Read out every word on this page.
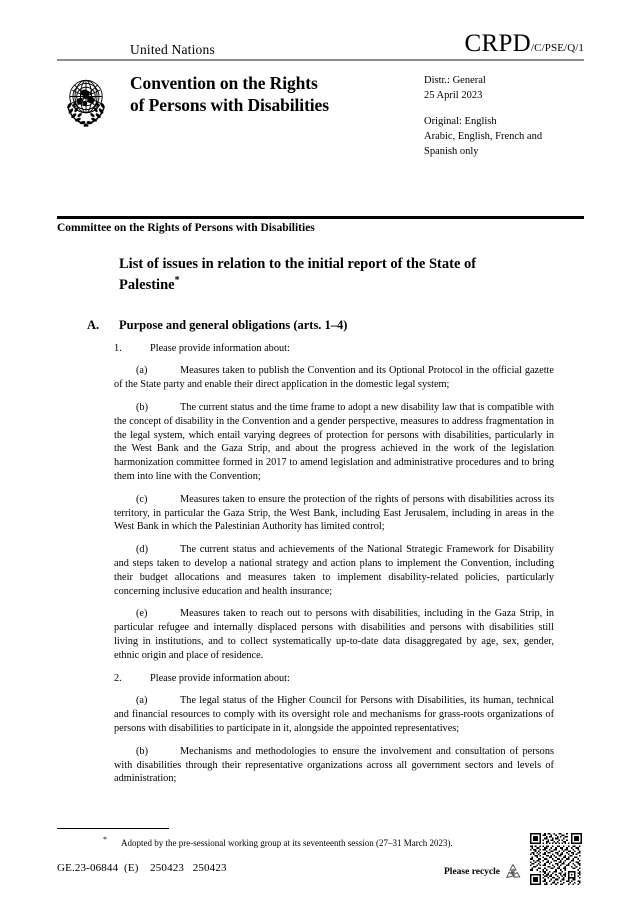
United Nations	CRPD /C/PSE/Q/1
Convention on the Rights
of Persons with Disabilities
Distr.: General
25 April 2023
Original: English
Arabic, English, French and
Spanish only
Committee on the Rights of Persons with Disabilities
List of issues in relation to the initial report of the State of Palestine*
A.	Purpose and general obligations (arts. 1–4)
1.	Please provide information about:
(a)	Measures taken to publish the Convention and its Optional Protocol in the official gazette of the State party and enable their direct application in the domestic legal system;
(b)	The current status and the time frame to adopt a new disability law that is compatible with the concept of disability in the Convention and a gender perspective, measures to address fragmentation in the legal system, which entail varying degrees of protection for persons with disabilities, particularly in the West Bank and the Gaza Strip, and about the progress achieved in the work of the legislation harmonization committee formed in 2017 to amend legislation and administrative procedures and to bring them into line with the Convention;
(c)	Measures taken to ensure the protection of the rights of persons with disabilities across its territory, in particular the Gaza Strip, the West Bank, including East Jerusalem, including in areas in the West Bank in which the Palestinian Authority has limited control;
(d)	The current status and achievements of the National Strategic Framework for Disability and steps taken to develop a national strategy and action plans to implement the Convention, including their budget allocations and measures taken to implement disability-related policies, particularly concerning inclusive education and health insurance;
(e)	Measures taken to reach out to persons with disabilities, including in the Gaza Strip, in particular refugee and internally displaced persons with disabilities and persons with disabilities still living in institutions, and to collect systematically up-to-date data disaggregated by age, sex, gender, ethnic origin and place of residence.
2.	Please provide information about:
(a)	The legal status of the Higher Council for Persons with Disabilities, its human, technical and financial resources to comply with its oversight role and mechanisms for grass-roots organizations of persons with disabilities to participate in it, alongside the appointed representatives;
(b)	Mechanisms and methodologies to ensure the involvement and consultation of persons with disabilities through their representative organizations across all government sectors and levels of administration;
* Adopted by the pre-sessional working group at its seventeenth session (27–31 March 2023).
GE.23-06844  (E)    250423   250423	Please recycle
